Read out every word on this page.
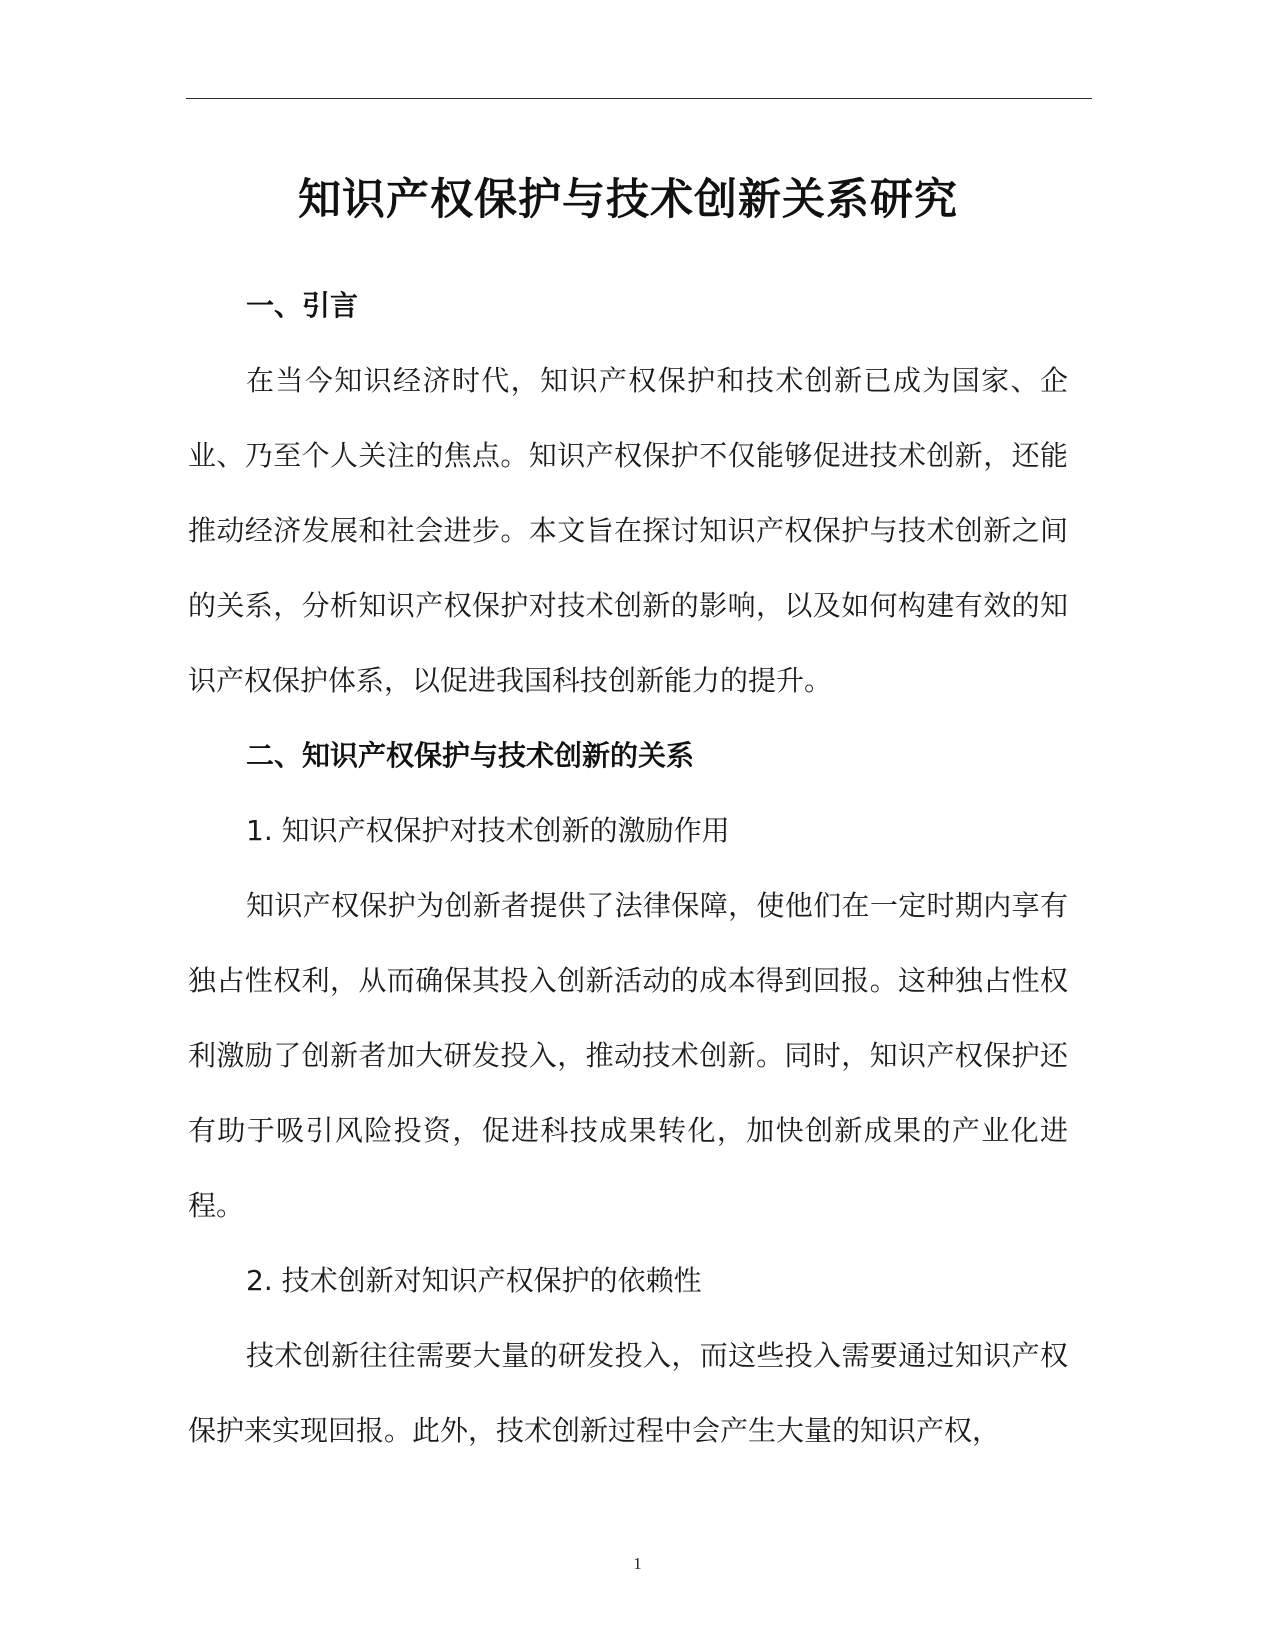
知识产权保护与技术创新关系研究
一、引言

在当今知识经济时代，知识产权保护和技术创新已成为国家、企业、乃至个人关注的焦点。知识产权保护不仅能够促进技术创新，还能推动经济发展和社会进步。本文旨在探讨知识产权保护与技术创新之间的关系，分析知识产权保护对技术创新的影响，以及如何构建有效的知识产权保护体系，以促进我国科技创新能力的提升。

二、知识产权保护与技术创新的关系
1. 知识产权保护对技术创新的激励作用

知识产权保护为创新者提供了法律保障，使他们在一定时期内享有独占性权利，从而确保其投入创新活动的成本得到回报。这种独占性权利激励了创新者加大研发投入，推动技术创新。同时，知识产权保护还有助于吸引风险投资，促进科技成果转化，加快创新成果的产业化进程。

2. 技术创新对知识产权保护的依赖性

技术创新往往需要大量的研发投入，而这些投入需要通过知识产权保护来实现回报。此外，技术创新过程中会产生大量的知识产权，

1
